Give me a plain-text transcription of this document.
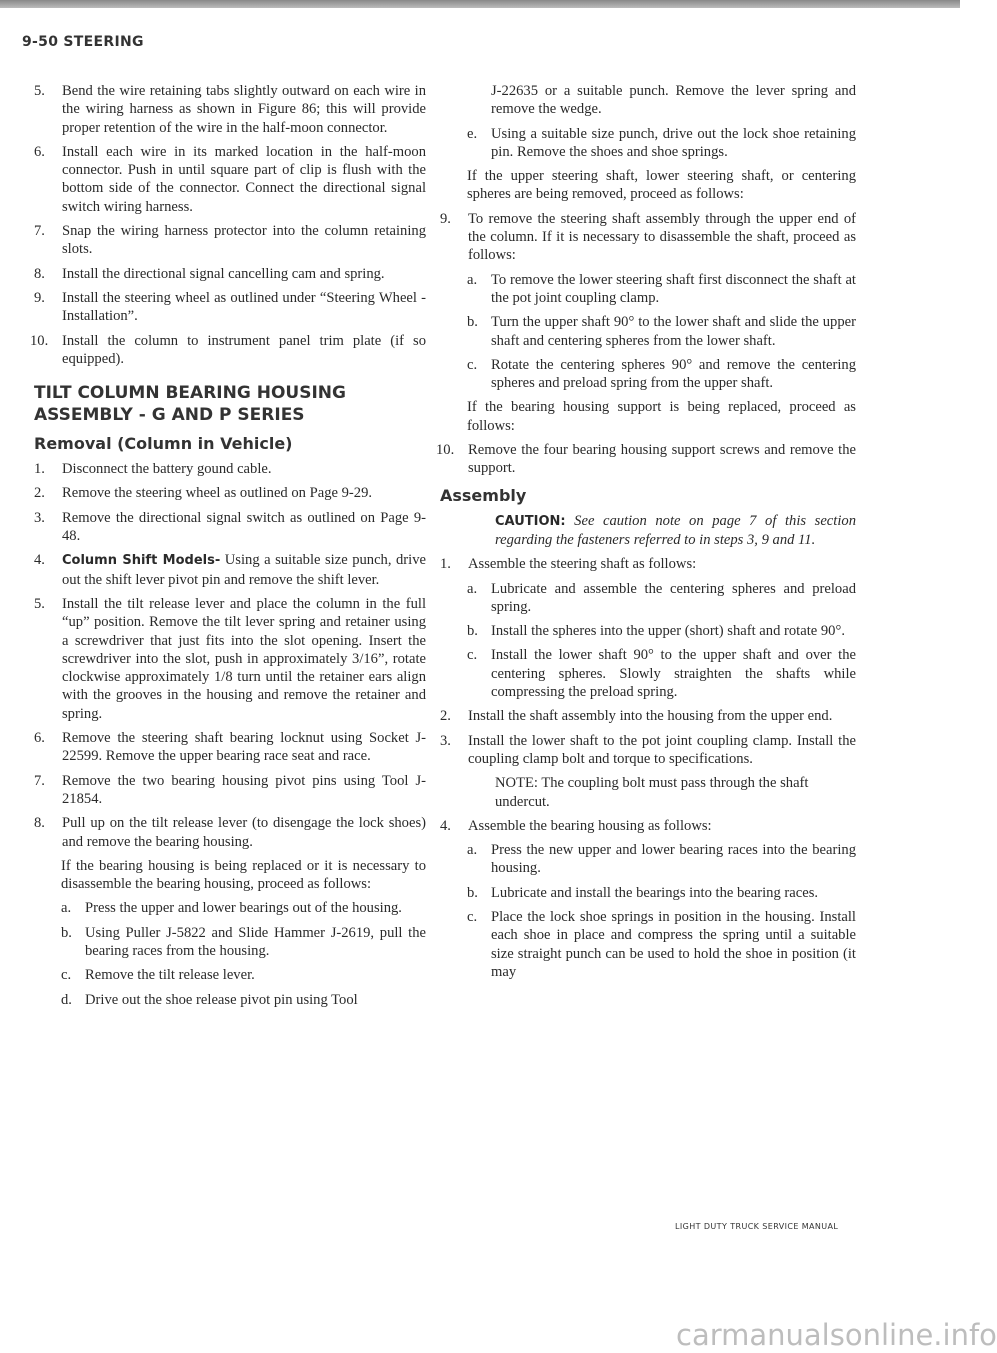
9-50 STEERING
5. Bend the wire retaining tabs slightly outward on each wire in the wiring harness as shown in Figure 86; this will provide proper retention of the wire in the half-moon connector.
6. Install each wire in its marked location in the half-moon connector. Push in until square part of clip is flush with the bottom side of the connector. Connect the directional signal switch wiring harness.
7. Snap the wiring harness protector into the column retaining slots.
8. Install the directional signal cancelling cam and spring.
9. Install the steering wheel as outlined under “Steering Wheel - Installation”.
10. Install the column to instrument panel trim plate (if so equipped).
TILT COLUMN BEARING HOUSING ASSEMBLY - G AND P SERIES
Removal (Column in Vehicle)
1. Disconnect the battery gound cable.
2. Remove the steering wheel as outlined on Page 9-29.
3. Remove the directional signal switch as outlined on Page 9-48.
4. Column Shift Models- Using a suitable size punch, drive out the shift lever pivot pin and remove the shift lever.
5. Install the tilt release lever and place the column in the full “up” position. Remove the tilt lever spring and retainer using a screwdriver that just fits into the slot opening. Insert the screwdriver into the slot, push in approximately 3/16”, rotate clockwise approximately 1/8 turn until the retainer ears align with the grooves in the housing and remove the retainer and spring.
6. Remove the steering shaft bearing locknut using Socket J-22599. Remove the upper bearing race seat and race.
7. Remove the two bearing housing pivot pins using Tool J-21854.
8. Pull up on the tilt release lever (to disengage the lock shoes) and remove the bearing housing.
If the bearing housing is being replaced or it is necessary to disassemble the bearing housing, proceed as follows:
a. Press the upper and lower bearings out of the housing.
b. Using Puller J-5822 and Slide Hammer J-2619, pull the bearing races from the housing.
c. Remove the tilt release lever.
d. Drive out the shoe release pivot pin using Tool
J-22635 or a suitable punch. Remove the lever spring and remove the wedge.
e. Using a suitable size punch, drive out the lock shoe retaining pin. Remove the shoes and shoe springs.
If the upper steering shaft, lower steering shaft, or centering spheres are being removed, proceed as follows:
9. To remove the steering shaft assembly through the upper end of the column. If it is necessary to disassemble the shaft, proceed as follows:
a. To remove the lower steering shaft first disconnect the shaft at the pot joint coupling clamp.
b. Turn the upper shaft 90° to the lower shaft and slide the upper shaft and centering spheres from the lower shaft.
c. Rotate the centering spheres 90° and remove the centering spheres and preload spring from the upper shaft.
If the bearing housing support is being replaced, proceed as follows:
10. Remove the four bearing housing support screws and remove the support.
Assembly
CAUTION: See caution note on page 7 of this section regarding the fasteners referred to in steps 3, 9 and 11.
1. Assemble the steering shaft as follows:
a. Lubricate and assemble the centering spheres and preload spring.
b. Install the spheres into the upper (short) shaft and rotate 90°.
c. Install the lower shaft 90° to the upper shaft and over the centering spheres. Slowly straighten the shafts while compressing the preload spring.
2. Install the shaft assembly into the housing from the upper end.
3. Install the lower shaft to the pot joint coupling clamp. Install the coupling clamp bolt and torque to specifications.
NOTE: The coupling bolt must pass through the shaft undercut.
4. Assemble the bearing housing as follows:
a. Press the new upper and lower bearing races into the bearing housing.
b. Lubricate and install the bearings into the bearing races.
c. Place the lock shoe springs in position in the housing. Install each shoe in place and compress the spring until a suitable size straight punch can be used to hold the shoe in position (it may
LIGHT DUTY TRUCK SERVICE MANUAL
carmanualsonline.info
